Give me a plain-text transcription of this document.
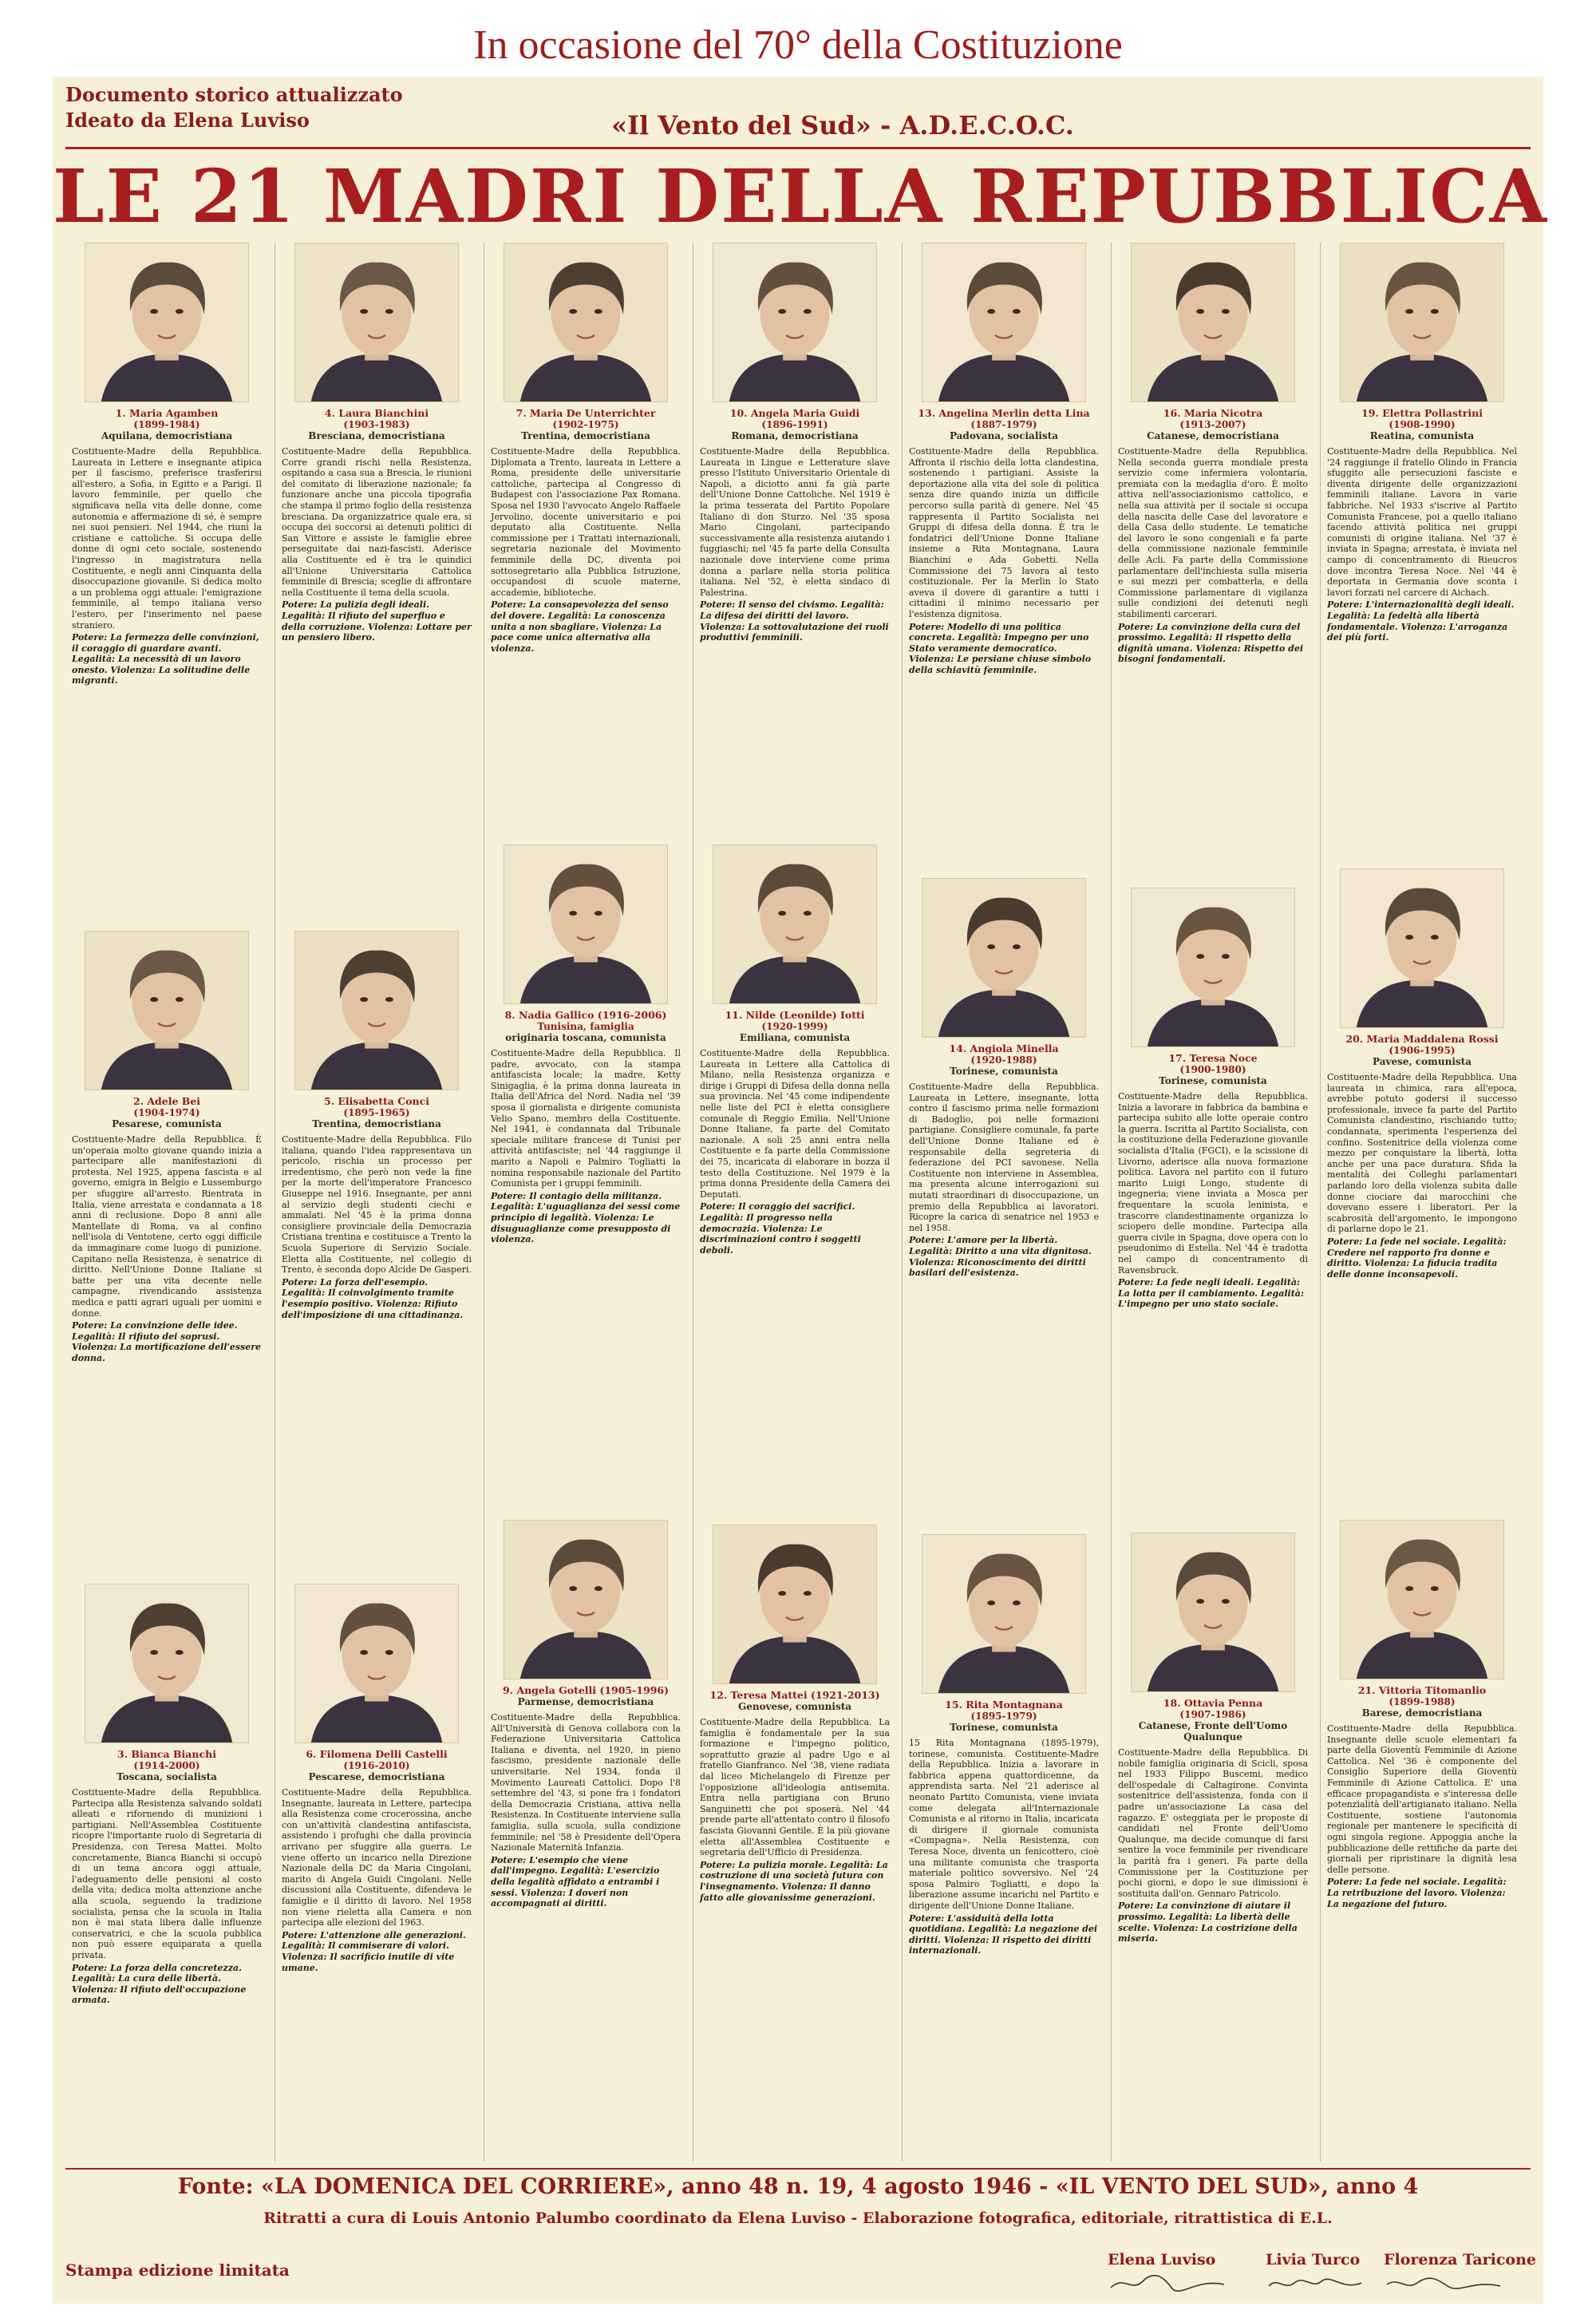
In occasione del 70° della Costituzione
Documento storico attualizzato
Ideato da Elena Luviso	«Il Vento del Sud» - A.D.E.C.O.C.
LE 21 MADRI DELLA REPUBBLICA
1. Maria Agamben
(1899-1984)
Aquilana, democristiana
Costituente-Madre della Repubblica. Laureata in Lettere e insegnante atipica per il fascismo, preferisce trasferirsi all'estero, a Sofia, in Egitto e a Parigi. Il lavoro femminile, per quello che significava nella vita delle donne, come autonomia e affermazione di sé, è sempre nei suoi pensieri. Nel 1944, che riunì la cristiane e cattoliche. Si occupa delle donne di ogni ceto sociale, sostenendo l'ingresso in magistratura nella Costituente, e negli anni Cinquanta della disoccupazione giovanile. Si dedica molto a un problema oggi attuale: l'emigrazione femminile, al tempo italiana verso l'estero, per l'inserimento nel paese straniero.
Potere: La fermezza delle convinzioni, il coraggio di guardare avanti. Legalità: La necessità di un lavoro onesto. Violenza: La solitudine delle migranti.
2. Adele Bei
(1904-1974)
Pesarese, comunista
Costituente-Madre della Repubblica. È un'operaia molto giovane quando inizia a partecipare alle manifestazioni di protesta. Nel 1925, appena fascista e al governo, emigra in Belgio e Lussemburgo per sfuggire all'arresto. Rientrata in Italia, viene arrestata e condannata a 18 anni di reclusione. Dopo 8 anni alle Mantellate di Roma, va al confino nell'isola di Ventotene, certo oggi difficile da immaginare come luogo di punizione. Capitano nella Resistenza, è senatrice di diritto. Nell'Unione Donne Italiane si batte per una vita decente nelle campagne, rivendicando assistenza medica e patti agrari uguali per uomini e donne.
Potere: La convinzione delle idee. Legalità: Il rifiuto dei soprusi. Violenza: La mortificazione dell'essere donna.
3. Bianca Bianchi
(1914-2000)
Toscana, socialista
Costituente-Madre della Repubblica. Partecipa alla Resistenza salvando soldati alleati e rifornendo di munizioni i partigiani. Nell'Assemblea Costituente ricopre l'importante ruolo di Segretaria di Presidenza, con Teresa Mattei. Molto concretamente, Bianca Bianchi si occupò di un tema ancora oggi attuale, l'adeguamento delle pensioni al costo della vita; dedica molta attenzione anche alla scuola, seguendo la tradizione socialista, pensa che la scuola in Italia non è mai stata libera dalle influenze conservatrici, e che la scuola pubblica non può essere equiparata a quella privata.
Potere: La forza della concretezza. Legalità: La cura delle libertà. Violenza: Il rifiuto dell'occupazione armata.
4. Laura Bianchini
(1903-1983)
Bresciana, democristiana
Costituente-Madre della Repubblica. Corre grandi rischi nella Resistenza, ospitando a casa sua a Brescia, le riunioni del comitato di liberazione nazionale; fa funzionare anche una piccola tipografia che stampa il primo foglio della resistenza bresciana. Da organizzatrice quale era, si occupa dei soccorsi ai detenuti politici di San Vittore e assiste le famiglie ebree perseguitate dai nazi-fascisti. Aderisce alla Costituente ed è tra le quindici all'Unione Universitaria Cattolica femminile di Brescia; sceglie di affrontare nella Costituente il tema della scuola.
Potere: La pulizia degli ideali. Legalità: Il rifiuto del superfluo e della corruzione. Violenza: Lottare per un pensiero libero.
5. Elisabetta Conci
(1895-1965)
Trentina, democristiana
Costituente-Madre della Repubblica. Filo italiana, quando l'idea rappresentava un pericolo, rischia un processo per irredentismo, che però non vede la fine per la morte dell'imperatore Francesco Giuseppe nel 1916. Insegnante, per anni al servizio degli studenti ciechi e ammalati. Nel '45 è la prima donna consigliere provinciale della Democrazia Cristiana trentina e costituisce a Trento la Scuola Superiore di Servizio Sociale. Eletta alla Costituente, nel collegio di Trento, è seconda dopo Alcide De Gasperi.
Potere: La forza dell'esempio. Legalità: Il coinvolgimento tramite l'esempio positivo. Violenza: Rifiuto dell'imposizione di una cittadinanza.
6. Filomena Delli Castelli
(1916-2010)
Pescarese, democristiana
Costituente-Madre della Repubblica. Insegnante, laureata in Lettere, partecipa alla Resistenza come crocerossina, anche con un'attività clandestina antifascista, assistendo i profughi che dalla provincia arrivano per sfuggire alla guerra. Le viene offerto un incarico nella Direzione Nazionale della DC da Maria Cingolani, marito di Angela Guidi Cingolani. Nelle discussioni alla Costituente, difendeva le famiglie e il diritto di lavoro. Nel 1958 non viene rieletta alla Camera e non partecipa alle elezioni del 1963.
Potere: L'attenzione alle generazioni. Legalità: Il commiserare di valori. Violenza: Il sacrificio inutile di vite umane.
7. Maria De Unterrichter
(1902-1975)
Trentina, democristiana
Costituente-Madre della Repubblica. Diplomata a Trento, laureata in Lettere a Roma, presidente delle universitarie cattoliche, partecipa al Congresso di Budapest con l'associazione Pax Romana. Sposa nel 1930 l'avvocato Angelo Raffaele Jervolino, docente universitario e poi deputato alla Costituente. Nella commissione per i Trattati internazionali, segretaria nazionale del Movimento femminile della DC, diventa poi sottosegretario alla Pubblica Istruzione, occupandosi di scuole materne, accademie, biblioteche.
Potere: La consapevolezza del senso del dovere. Legalità: La conoscenza unita a non sbagliare. Violenza: La pace come unica alternativa alla violenza.
8. Nadia Gallico (1916-2006)
Tunisina, famiglia
originaria toscana, comunista
Costituente-Madre della Repubblica. Il padre, avvocato, con la stampa antifascista locale; la madre, Ketty Sinigaglia, è la prima donna laureata in Italia dell'Africa del Nord. Nadia nel '39 sposa il giornalista e dirigente comunista Velio Spano, membro della Costituente. Nel 1941, è condannata dal Tribunale speciale militare francese di Tunisi per attività antifasciste; nel '44 raggiunge il marito a Napoli e Palmiro Togliatti la nomina responsabile nazionale del Partito Comunista per i gruppi femminili.
Potere: Il contagio della militanza. Legalità: L'uguaglianza dei sessi come principio di legalità. Violenza: Le disuguaglianze come presupposto di violenza.
9. Angela Gotelli (1905-1996)
Parmense, democristiana
Costituente-Madre della Repubblica. All'Università di Genova collabora con la Federazione Universitaria Cattolica Italiana e diventa, nel 1920, in pieno fascismo, presidente nazionale delle universitarie. Nel 1934, fonda il Movimento Laureati Cattolici. Dopo l'8 settembre del '43, si pone fra i fondatori della Democrazia Cristiana, attiva nella Resistenza. In Costituente interviene sulla famiglia, sulla scuola, sulla condizione femminile; nel '58 è Presidente dell'Opera Nazionale Maternità Infanzia.
Potere: L'esempio che viene dall'impegno. Legalità: L'esercizio della legalità affidato a entrambi i sessi. Violenza: I doveri non accompagnati ai diritti.
10. Angela Maria Guidi
(1896-1991)
Romana, democristiana
Costituente-Madre della Repubblica. Laureata in Lingue e Letterature slave presso l'Istituto Universitario Orientale di Napoli, a diciotto anni fa già parte dell'Unione Donne Cattoliche. Nel 1919 è la prima tesserata del Partito Popolare Italiano di don Sturzo. Nel '35 sposa Mario Cingolani, partecipando successivamente alla resistenza aiutando i fuggiaschi; nel '45 fa parte della Consulta nazionale dove interviene come prima donna a parlare nella storia politica italiana. Nel '52, è eletta sindaco di Palestrina.
Potere: Il senso del civismo. Legalità: La difesa dei diritti del lavoro. Violenza: La sottovalutazione dei ruoli produttivi femminili.
11. Nilde (Leonilde) Iotti
(1920-1999)
Emiliana, comunista
Costituente-Madre della Repubblica. Laureata in Lettere alla Cattolica di Milano, nella Resistenza organizza e dirige i Gruppi di Difesa della donna nella sua provincia. Nel '45 come indipendente nelle liste del PCI è eletta consigliere comunale di Reggio Emilia. Nell'Unione Donne Italiane, fa parte del Comitato nazionale. A soli 25 anni entra nella Costituente e fa parte della Commissione dei 75, incaricata di elaborare in bozza il testo della Costituzione. Nel 1979 è la prima donna Presidente della Camera dei Deputati.
Potere: Il coraggio dei sacrifici. Legalità: Il progresso nella democrazia. Violenza: Le discriminazioni contro i soggetti deboli.
12. Teresa Mattei (1921-2013)
Genovese, comunista
Costituente-Madre della Repubblica. La famiglia è fondamentale per la sua formazione e l'impegno politico, soprattutto grazie al padre Ugo e al fratello Gianfranco. Nel '38, viene radiata dal liceo Michelangelo di Firenze per l'opposizione all'ideologia antisemita. Entra nella partigiana con Bruno Sanguinetti che poi sposerà. Nel '44 prende parte all'attentato contro il filosofo fascista Giovanni Gentile. È la più giovane eletta all'Assemblea Costituente e segretaria dell'Ufficio di Presidenza.
Potere: La pulizia morale. Legalità: La costruzione di una società futura con l'insegnamento. Violenza: Il danno fatto alle giovanissime generazioni.
13. Angelina Merlin detta Lina
(1887-1979)
Padovana, socialista
Costituente-Madre della Repubblica. Affronta il rischio della lotta clandestina, sostenendo i partigiani. Assiste la deportazione alla vita del sole di politica senza dire quando inizia un difficile percorso sulla parità di genere. Nel '45 rappresenta il Partito Socialista nei Gruppi di difesa della donna. È tra le fondatrici dell'Unione Donne Italiane insieme a Rita Montagnana, Laura Bianchini e Ada Gobetti. Nella Commissione dei 75 lavora al testo costituzionale. Per la Merlin lo Stato aveva il dovere di garantire a tutti i cittadini il minimo necessario per l'esistenza dignitosa.
Potere: Modello di una politica concreta. Legalità: Impegno per uno Stato veramente democratico. Violenza: Le persiane chiuse simbolo della schiavitù femminile.
14. Angiola Minella
(1920-1988)
Torinese, comunista
Costituente-Madre della Repubblica. Laureata in Lettere, insegnante, lotta contro il fascismo prima nelle formazioni di Badoglio, poi nelle formazioni partigiane. Consigliere comunale, fa parte dell'Unione Donne Italiane ed è responsabile della segreteria di federazione del PCI savonese. Nella Costituente non interviene in Assemblea, ma presenta alcune interrogazioni sui mutati straordinari di disoccupazione, un premio della Repubblica ai lavoratori. Ricopre la carica di senatrice nel 1953 e nel 1958.
Potere: L'amore per la libertà. Legalità: Diritto a una vita dignitosa. Violenza: Riconoscimento dei diritti basilari dell'esistenza.
15. Rita Montagnana
(1895-1979)
Torinese, comunista
15 Rita Montagnana (1895-1979), torinese, comunista. Costituente-Madre della Repubblica. Inizia a lavorare in fabbrica appena quattordicenne, da apprendista sarta. Nel '21 aderisce al neonato Partito Comunista, viene inviata come delegata all'Internazionale Comunista e al ritorno in Italia, incaricata di dirigere il giornale comunista «Compagna». Nella Resistenza, con Teresa Noce, diventa un fenicottero, cioè una militante comunista che trasporta materiale politico sovversivo. Nel '24 sposa Palmiro Togliatti, e dopo la liberazione assume incarichi nel Partito e dirigente dell'Unione Donne Italiane.
Potere: L'assiduità della lotta quotidiana. Legalità: La negazione dei diritti. Violenza: Il rispetto dei diritti internazionali.
16. Maria Nicotra
(1913-2007)
Catanese, democristiana
Costituente-Madre della Repubblica. Nella seconda guerra mondiale presta servizio come infermiera volontaria, premiata con la medaglia d'oro. È molto attiva nell'associazionismo cattolico, e nella sua attività per il sociale si occupa della nascita delle Case del lavoratore e della Casa dello studente. Le tematiche del lavoro le sono congeniali e fa parte della commissione nazionale femminile delle Acli. Fa parte della Commissione parlamentare dell'inchiesta sulla miseria e sui mezzi per combatterla, e della Commissione parlamentare di vigilanza sulle condizioni dei detenuti negli stabilimenti carcerari.
Potere: La convinzione della cura del prossimo. Legalità: Il rispetto della dignità umana. Violenza: Rispetto dei bisogni fondamentali.
17. Teresa Noce
(1900-1980)
Torinese, comunista
Costituente-Madre della Repubblica. Inizia a lavorare in fabbrica da bambina e partecipa subito alle lotte operaie contro la guerra. Iscritta al Partito Socialista, con la costituzione della Federazione giovanile socialista d'Italia (FGCI), e la scissione di Livorno, aderisce alla nuova formazione politica. Lavora nel partito con il futuro marito Luigi Longo, studente di ingegneria; viene inviata a Mosca per frequentare la scuola leninista, e trascorre clandestinamente organizza lo sciopero delle mondine. Partecipa alla guerra civile in Spagna, dove opera con lo pseudonimo di Estella. Nel '44 è tradotta nel campo di concentramento di Ravensbruck.
Potere: La fede negli ideali. Legalità: La lotta per il cambiamento. Legalità: L'impegno per uno stato sociale.
18. Ottavia Penna
(1907-1986)
Catanese, Fronte dell'Uomo Qualunque
Costituente-Madre della Repubblica. Di nobile famiglia originaria di Scicli, sposa nel 1933 Filippo Buscemi, medico dell'ospedale di Caltagirone. Convinta sostenitrice dell'assistenza, fonda con il padre un'associazione La casa del ragazzo. E' osteggiata per le proposte di candidati nel Fronte dell'Uomo Qualunque, ma decide comunque di farsi sentire la voce femminile per rivendicare la parità fra i generi. Fa parte della Commissione per la Costituzione per pochi giorni, e dopo le sue dimissioni è sostituita dall'on. Gennaro Patricolo.
Potere: La convinzione di aiutare il prossimo. Legalità: La libertà delle scelte. Violenza: La costrizione della miseria.
19. Elettra Pollastrini
(1908-1990)
Reatina, comunista
Costituente-Madre della Repubblica. Nel '24 raggiunge il fratello Olindo in Francia sfuggito alle persecuzioni fasciste e diventa dirigente delle organizzazioni femminili italiane. Lavora in varie fabbriche. Nel 1933 s'iscrive al Partito Comunista Francese, poi a quello italiano facendo attività politica nei gruppi comunisti di origine italiana. Nel '37 è inviata in Spagna; arrestata, è inviata nel campo di concentramento di Rieucros dove incontra Teresa Noce. Nel '44 è deportata in Germania dove sconta i lavori forzati nel carcere di Aichach.
Potere: L'internazionalità degli ideali. Legalità: La fedeltà alla libertà fondamentale. Violenza: L'arroganza dei più forti.
20. Maria Maddalena Rossi
(1906-1995)
Pavese, comunista
Costituente-Madre della Repubblica. Una laureata in chimica, rara all'epoca, avrebbe potuto godersi il successo professionale, invece fa parte del Partito Comunista clandestino, rischiando tutto; condannata, sperimenta l'esperienza del confino. Sostenitrice della violenza come mezzo per conquistare la libertà, lotta anche per una pace duratura. Sfida la mentalità dei Colleghi parlamentari parlando loro della violenza subita dalle donne ciociare dai marocchini che dovevano essere i liberatori. Per la scabrosità dell'argomento, le impongono di parlarne dopo le 21.
Potere: La fede nel sociale. Legalità: Credere nel rapporto fra donne e diritto. Violenza: La fiducia tradita delle donne inconsapevoli.
21. Vittoria Titomanlio
(1899-1988)
Barese, democristiana
Costituente-Madre della Repubblica. Insegnante delle scuole elementari fa parte della Gioventù Femminile di Azione Cattolica. Nel '36 è componente del Consiglio Superiore della Gioventù Femminile di Azione Cattolica. E' una efficace propagandista e s'interessa delle potenzialità dell'artigianato italiano. Nella Costituente, sostiene l'autonomia regionale per mantenere le specificità di ogni singola regione. Appoggia anche la pubblicazione delle rettifiche da parte dei giornali per ripristinare la dignità lesa delle persone.
Potere: La fede nel sociale. Legalità: La retribuzione del lavoro. Violenza: La negazione del futuro.
Fonte: «LA DOMENICA DEL CORRIERE», anno 48 n. 19, 4 agosto 1946 - «IL VENTO DEL SUD», anno 4
Ritratti a cura di Louis Antonio Palumbo coordinato da Elena Luviso - Elaborazione fotografica, editoriale, ritrattistica di E.L.
Stampa edizione limitata
Elena Luviso	Livia Turco	Florenza Taricone
